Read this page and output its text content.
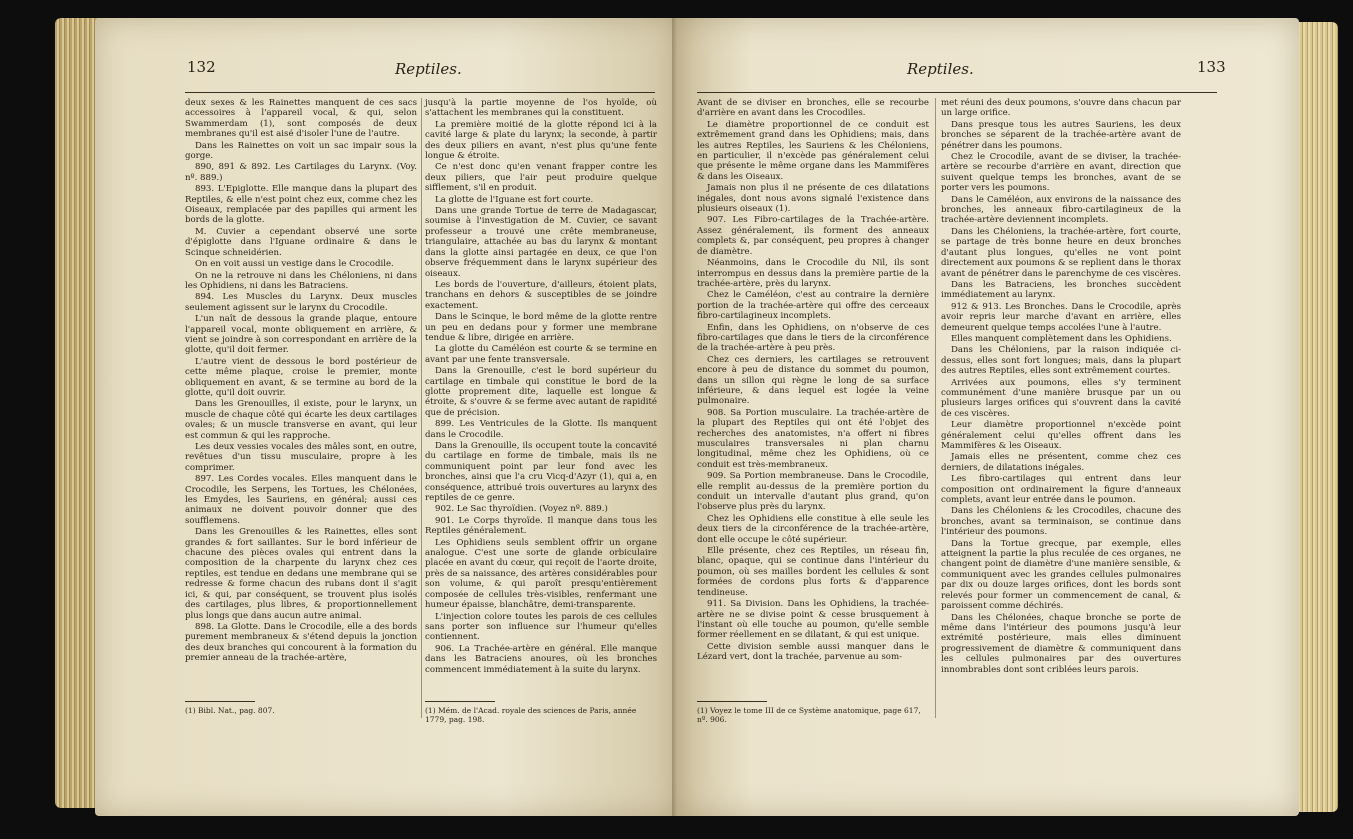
132	Reptiles.

deux sexes & les Rainettes manquent de ces sacs accessoires à l'appareil vocal, & qui, selon Swammerdam (1), sont composés de deux membranes qu'il est aisé d'isoler l'une de l'autre.

Dans les Rainettes on voit un sac impair sous la gorge.

890, 891 & 892. Les Cartilages du Larynx. (Voy. nº. 889.)

893. L'Epiglotte. Elle manque dans la plupart des Reptiles, & elle n'est point chez eux, comme chez les Oiseaux, remplacée par des papilles qui arment les bords de la glotte.

M. Cuvier a cependant observé une sorte d'épiglotte dans l'Iguane ordinaire & dans le Scinque schneidérien.

On en voit aussi un vestige dans le Crocodile.

On ne la retrouve ni dans les Chéloniens, ni dans les Ophidiens, ni dans les Batraciens.

894. Les Muscles du Larynx. Deux muscles seulement agissent sur le larynx du Crocodile.

L'un naît de dessous la grande plaque, entoure l'appareil vocal, monte obliquement en arrière, & vient se joindre à son correspondant en arrière de la glotte, qu'il doit fermer.

L'autre vient de dessous le bord postérieur de cette même plaque, croise le premier, monte obliquement en avant, & se termine au bord de la glotte, qu'il doit ouvrir.

Dans les Grenouilles, il existe, pour le larynx, un muscle de chaque côté qui écarte les deux cartilages ovales; & un muscle transverse en avant, qui leur est commun & qui les rapproche.

Les deux vessies vocales des mâles sont, en outre, revêtues d'un tissu musculaire, propre à les comprimer.

897. Les Cordes vocales. Elles manquent dans le Crocodile, les Serpens, les Tortues, les Chélonées, les Emydes, les Sauriens, en général; aussi ces animaux ne doivent pouvoir donner que des soufflemens.

Dans les Grenouilles & les Rainettes, elles sont grandes & fort saillantes. Sur le bord inférieur de chacune des pièces ovales qui entrent dans la composition de la charpente du larynx chez ces reptiles, est tendue en dedans une membrane qui se redresse & forme chacun des rubans dont il s'agit ici, & qui, par conséquent, se trouvent plus isolés des cartilages, plus libres, & proportionnellement plus longs que dans aucun autre animal.

898. La Glotte. Dans le Crocodile, elle a des bords purement membraneux & s'étend depuis la jonction des deux branches qui concourent à la formation du premier anneau de la trachée-artère,

jusqu'à la partie moyenne de l'os hyoïde, où s'attachent les membranes qui la constituent.

La première moitié de la glotte répond ici à la cavité large & plate du larynx; la seconde, à partir des deux piliers en avant, n'est plus qu'une fente longue & étroite.

Ce n'est donc qu'en venant frapper contre les deux piliers, que l'air peut produire quelque sifflement, s'il en produit.

La glotte de l'Iguane est fort courte.

Dans une grande Tortue de terre de Madagascar, soumise à l'investigation de M. Cuvier, ce savant professeur a trouvé une crête membraneuse, triangulaire, attachée au bas du larynx & montant dans la glotte ainsi partagée en deux, ce que l'on observe fréquemment dans le larynx supérieur des oiseaux.

Les bords de l'ouverture, d'ailleurs, étoient plats, tranchans en dehors & susceptibles de se joindre exactement.

Dans le Scinque, le bord même de la glotte rentre un peu en dedans pour y former une membrane tendue & libre, dirigée en arrière.

La glotte du Caméléon est courte & se termine en avant par une fente transversale.

Dans la Grenouille, c'est le bord supérieur du cartilage en timbale qui constitue le bord de la glotte proprement dite, laquelle est longue & étroite, & s'ouvre & se ferme avec autant de rapidité que de précision.

899. Les Ventricules de la Glotte. Ils manquent dans le Crocodile.

Dans la Grenouille, ils occupent toute la concavité du cartilage en forme de timbale, mais ils ne communiquent point par leur fond avec les bronches, ainsi que l'a cru Vicq-d'Azyr (1), qui a, en conséquence, attribué trois ouvertures au larynx des reptiles de ce genre.

902. Le Sac thyroïdien. (Voyez nº. 889.)

901. Le Corps thyroïde. Il manque dans tous les Reptiles généralement.

Les Ophidiens seuls semblent offrir un organe analogue. C'est une sorte de glande orbiculaire placée en avant du cœur, qui reçoit de l'aorte droite, près de sa naissance, des artères considérables pour son volume, & qui paroît presqu'entièrement composée de cellules très-visibles, renfermant une humeur épaisse, blanchâtre, demi-transparente.

L'injection colore toutes les parois de ces cellules sans porter son influence sur l'humeur qu'elles contiennent.

906. La Trachée-artère en général. Elle manque dans les Batraciens anoures, où les bronches commencent immédiatement à la suite du larynx.

(1) Bibl. Nat., pag. 807.	(1) Mém. de l'Acad. royale des sciences de Paris, année 1779, pag. 198.
Reptiles.	133

Avant de se diviser en bronches, elle se recourbe d'arrière en avant dans les Crocodiles.

Le diamètre proportionnel de ce conduit est extrêmement grand dans les Ophidiens; mais, dans les autres Reptiles, les Sauriens & les Chéloniens, en particulier, il n'excède pas généralement celui que présente le même organe dans les Mammifères & dans les Oiseaux.

Jamais non plus il ne présente de ces dilatations inégales, dont nous avons signalé l'existence dans plusieurs oiseaux (1).

907. Les Fibro-cartilages de la Trachée-artère. Assez généralement, ils forment des anneaux complets &, par conséquent, peu propres à changer de diamètre.

Néanmoins, dans le Crocodile du Nil, ils sont interrompus en dessus dans la première partie de la trachée-artère, près du larynx.

Chez le Caméléon, c'est au contraire la dernière portion de la trachée-artère qui offre des cerceaux fibro-cartilagineux incomplets.

Enfin, dans les Ophidiens, on n'observe de ces fibro-cartilages que dans le tiers de la circonférence de la trachée-artère à peu près.

Chez ces derniers, les cartilages se retrouvent encore à peu de distance du sommet du poumon, dans un sillon qui règne le long de sa surface inférieure, & dans lequel est logée la veine pulmonaire.

908. Sa Portion musculaire. La trachée-artère de la plupart des Reptiles qui ont été l'objet des recherches des anatomistes, n'a offert ni fibres musculaires transversales ni plan charnu longitudinal, même chez les Ophidiens, où ce conduit est très-membraneux.

909. Sa Portion membraneuse. Dans le Crocodile, elle remplit au-dessus de la première portion du conduit un intervalle d'autant plus grand, qu'on l'observe plus près du larynx.

Chez les Ophidiens elle constitue à elle seule les deux tiers de la circonférence de la trachée-artère, dont elle occupe le côté supérieur.

Elle présente, chez ces Reptiles, un réseau fin, blanc, opaque, qui se continue dans l'intérieur du poumon, où ses mailles bordent les cellules & sont formées de cordons plus forts & d'apparence tendineuse.

911. Sa Division. Dans les Ophidiens, la trachée-artère ne se divise point & cesse brusquement à l'instant où elle touche au poumon, qu'elle semble former réellement en se dilatant, & qui est unique.

Cette division semble aussi manquer dans le Lézard vert, dont la trachée, parvenue au som-

met réuni des deux poumons, s'ouvre dans chacun par un large orifice.

Dans presque tous les autres Sauriens, les deux bronches se séparent de la trachée-artère avant de pénétrer dans les poumons.

Chez le Crocodile, avant de se diviser, la trachée-artère se recourbe d'arrière en avant, direction que suivent quelque temps les bronches, avant de se porter vers les poumons.

Dans le Caméléon, aux environs de la naissance des bronches, les anneaux fibro-cartilagineux de la trachée-artère deviennent incomplets.

Dans les Chéloniens, la trachée-artère, fort courte, se partage de très bonne heure en deux bronches d'autant plus longues, qu'elles ne vont point directement aux poumons & se replient dans le thorax avant de pénétrer dans le parenchyme de ces viscères.

Dans les Batraciens, les bronches succèdent immédiatement au larynx.

912 & 913. Les Bronches. Dans le Crocodile, après avoir repris leur marche d'avant en arrière, elles demeurent quelque temps accolées l'une à l'autre.

Elles manquent complètement dans les Ophidiens.

Dans les Chéloniens, par la raison indiquée ci-dessus, elles sont fort longues; mais, dans la plupart des autres Reptiles, elles sont extrêmement courtes.

Arrivées aux poumons, elles s'y terminent communément d'une manière brusque par un ou plusieurs larges orifices qui s'ouvrent dans la cavité de ces viscères.

Leur diamètre proportionnel n'excède point généralement celui qu'elles offrent dans les Mammifères & les Oiseaux.

Jamais elles ne présentent, comme chez ces derniers, de dilatations inégales.

Les fibro-cartilages qui entrent dans leur composition ont ordinairement la figure d'anneaux complets, avant leur entrée dans le poumon.

Dans les Chéloniens & les Crocodiles, chacune des bronches, avant sa terminaison, se continue dans l'intérieur des poumons.

Dans la Tortue grecque, par exemple, elles atteignent la partie la plus reculée de ces organes, ne changent point de diamètre d'une manière sensible, & communiquent avec les grandes cellules pulmonaires par dix ou douze larges orifices, dont les bords sont relevés pour former un commencement de canal, & paroissent comme déchirés.

Dans les Chélonées, chaque bronche se porte de même dans l'intérieur des poumons jusqu'à leur extrémité postérieure, mais elles diminuent progressivement de diamètre & communiquent dans les cellules pulmonaires par des ouvertures innombrables dont sont criblées leurs parois.

(1) Voyez le tome III de ce Système anatomique, page 617, nº. 906.
